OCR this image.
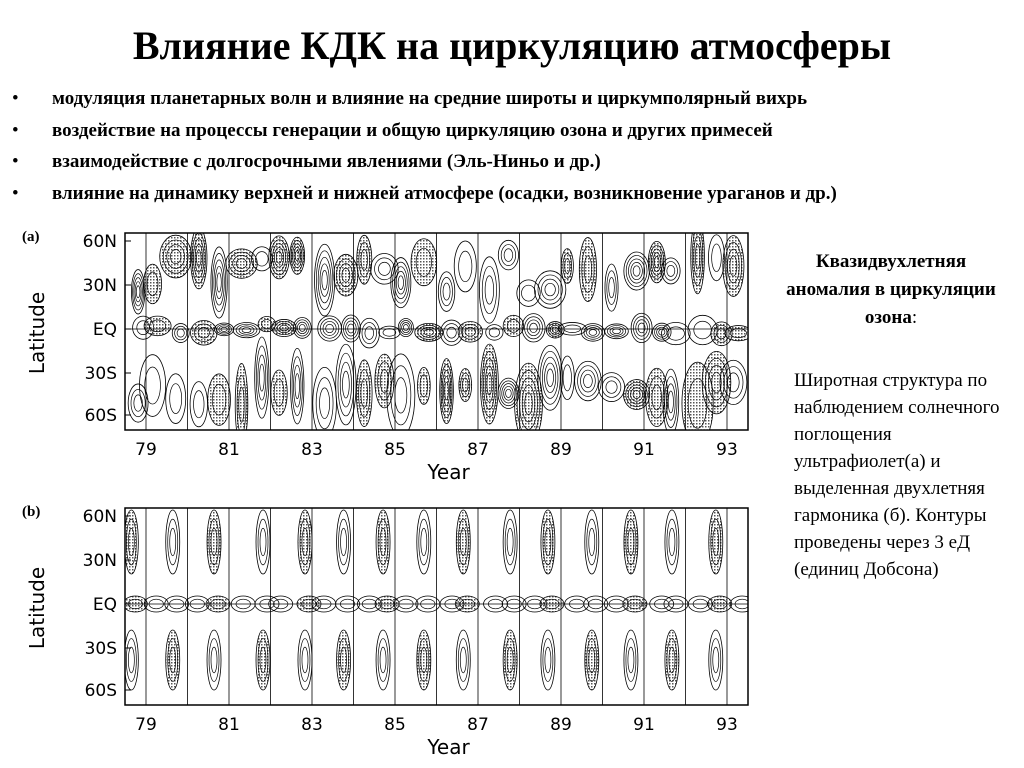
Влияние КДК на циркуляцию атмосферы
• модуляция планетарных волн и влияние на средние широты и циркумполярный вихрь
• воздействие на процессы генерации и общую циркуляцию озона и других примесей
• взаимодействие с долгосрочными явлениями (Эль-Ниньо и др.)
• влияние на динамику верхней и нижней атмосфере (осадки, возникновение ураганов и др.)
(a)
Latitude
60N
30N
EQ
30S
60S
79	81	83	85	87	89	91	93
Year
(b)
Latitude
60N
30N
EQ
30S
60S
79	81	83	85	87	89	91	93
Year
Квазидвухлетняя аномалия в циркуляции озона:
Широтная структура по наблюдением солнечного поглощения ультрафиолет(а) и выделенная двухлетняя гармоника (б). Контуры проведены через 3 еД (единиц Добсона)
